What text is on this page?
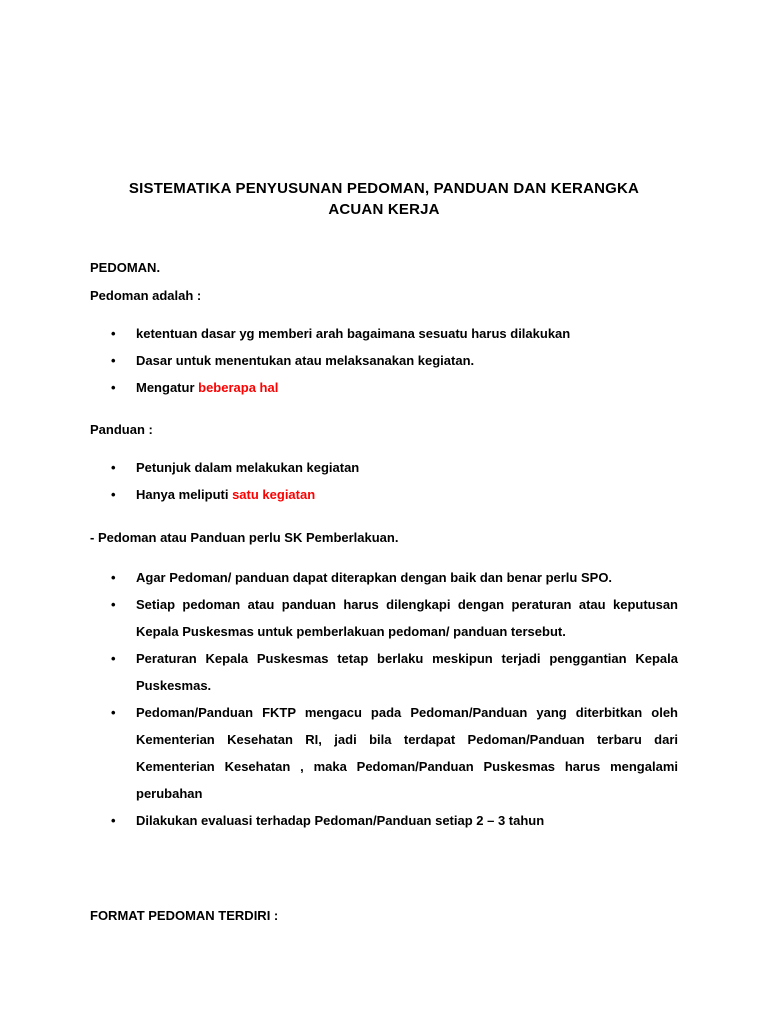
SISTEMATIKA PENYUSUNAN PEDOMAN, PANDUAN DAN KERANGKA
ACUAN KERJA
PEDOMAN.
Pedoman adalah :
• ketentuan dasar yg memberi arah bagaimana sesuatu harus dilakukan
• Dasar untuk menentukan atau melaksanakan kegiatan.
• Mengatur beberapa hal
Panduan :
• Petunjuk dalam melakukan kegiatan
• Hanya meliputi satu kegiatan
- Pedoman atau Panduan perlu SK Pemberlakuan.
• Agar Pedoman/ panduan dapat diterapkan dengan baik dan benar perlu SPO.
• Setiap pedoman atau panduan harus dilengkapi dengan peraturan atau keputusan Kepala Puskesmas untuk pemberlakuan pedoman/ panduan tersebut.
• Peraturan Kepala Puskesmas tetap berlaku meskipun terjadi penggantian Kepala Puskesmas.
• Pedoman/Panduan FKTP mengacu pada Pedoman/Panduan yang diterbitkan oleh Kementerian Kesehatan RI, jadi bila terdapat Pedoman/Panduan terbaru dari Kementerian Kesehatan , maka Pedoman/Panduan Puskesmas harus mengalami perubahan
• Dilakukan evaluasi terhadap Pedoman/Panduan setiap 2 – 3 tahun
FORMAT PEDOMAN TERDIRI :
